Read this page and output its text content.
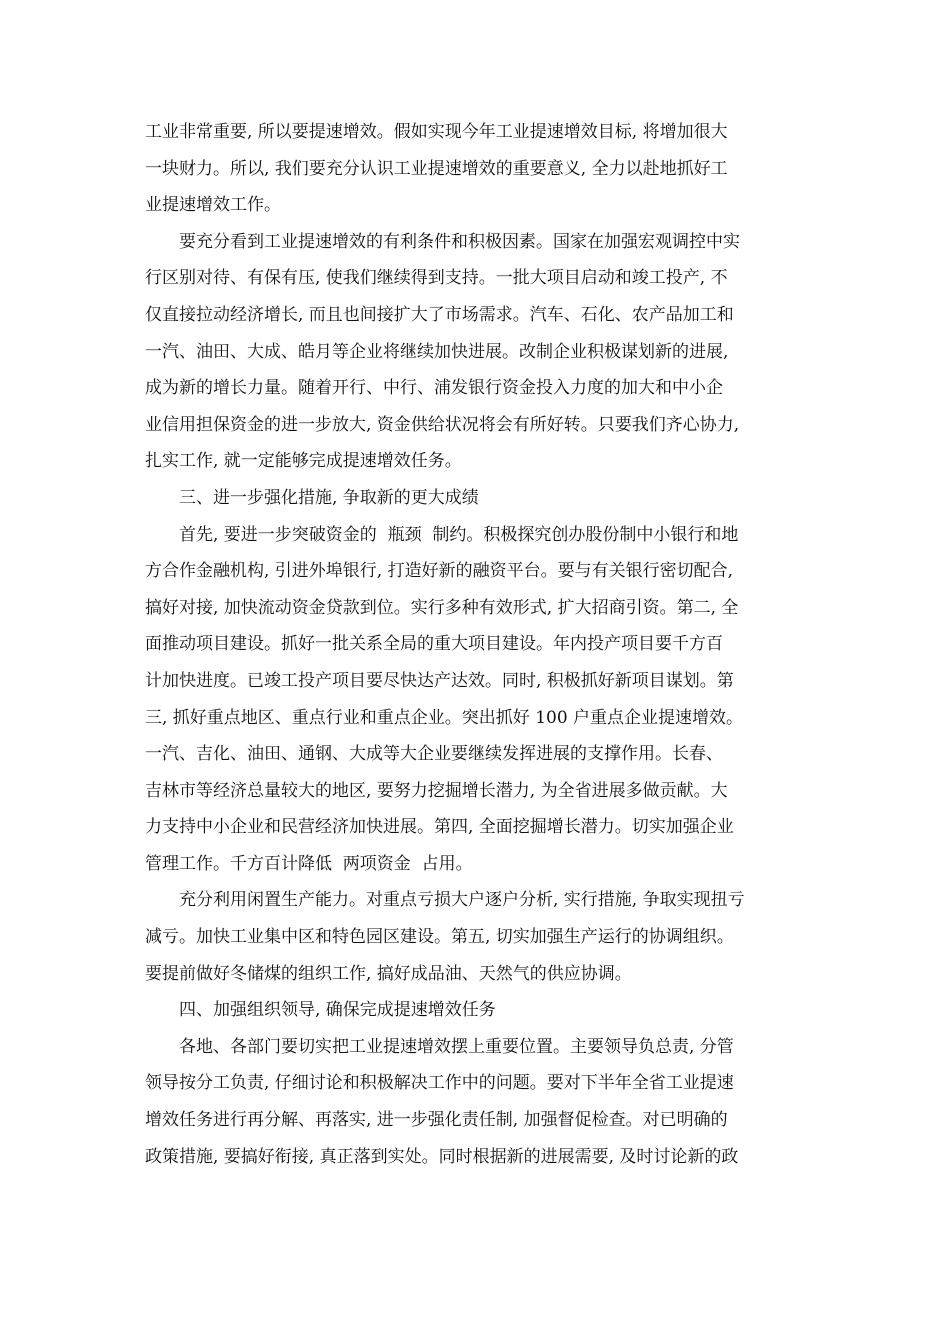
工业非常重要, 所以要提速增效。假如实现今年工业提速增效目标, 将增加很大
一块财力。所以, 我们要充分认识工业提速增效的重要意义, 全力以赴地抓好工
业提速增效工作。
要充分看到工业提速增效的有利条件和积极因素。国家在加强宏观调控中实
行区别对待、有保有压, 使我们继续得到支持。一批大项目启动和竣工投产, 不
仅直接拉动经济增长, 而且也间接扩大了市场需求。汽车、石化、农产品加工和
一汽、油田、大成、皓月等企业将继续加快进展。改制企业积极谋划新的进展,
成为新的增长力量。随着开行、中行、浦发银行资金投入力度的加大和中小企
业信用担保资金的进一步放大, 资金供给状况将会有所好转。只要我们齐心协力,
扎实工作, 就一定能够完成提速增效任务。
三、进一步强化措施, 争取新的更大成绩
首先, 要进一步突破资金的  瓶颈  制约。积极探究创办股份制中小银行和地
方合作金融机构, 引进外埠银行, 打造好新的融资平台。要与有关银行密切配合,
搞好对接, 加快流动资金贷款到位。实行多种有效形式, 扩大招商引资。第二, 全
面推动项目建设。抓好一批关系全局的重大项目建设。年内投产项目要千方百
计加快进度。已竣工投产项目要尽快达产达效。同时, 积极抓好新项目谋划。第
三, 抓好重点地区、重点行业和重点企业。突出抓好 100 户重点企业提速增效。
一汽、吉化、油田、通钢、大成等大企业要继续发挥进展的支撑作用。长春、
吉林市等经济总量较大的地区, 要努力挖掘增长潜力, 为全省进展多做贡献。大
力支持中小企业和民营经济加快进展。第四, 全面挖掘增长潜力。切实加强企业
管理工作。千方百计降低  两项资金  占用。
充分利用闲置生产能力。对重点亏损大户逐户分析, 实行措施, 争取实现扭亏
减亏。加快工业集中区和特色园区建设。第五, 切实加强生产运行的协调组织。
要提前做好冬储煤的组织工作, 搞好成品油、天然气的供应协调。
四、加强组织领导, 确保完成提速增效任务
各地、各部门要切实把工业提速增效摆上重要位置。主要领导负总责, 分管
领导按分工负责, 仔细讨论和积极解决工作中的问题。要对下半年全省工业提速
增效任务进行再分解、再落实, 进一步强化责任制, 加强督促检查。对已明确的
政策措施, 要搞好衔接, 真正落到实处。同时根据新的进展需要, 及时讨论新的政
